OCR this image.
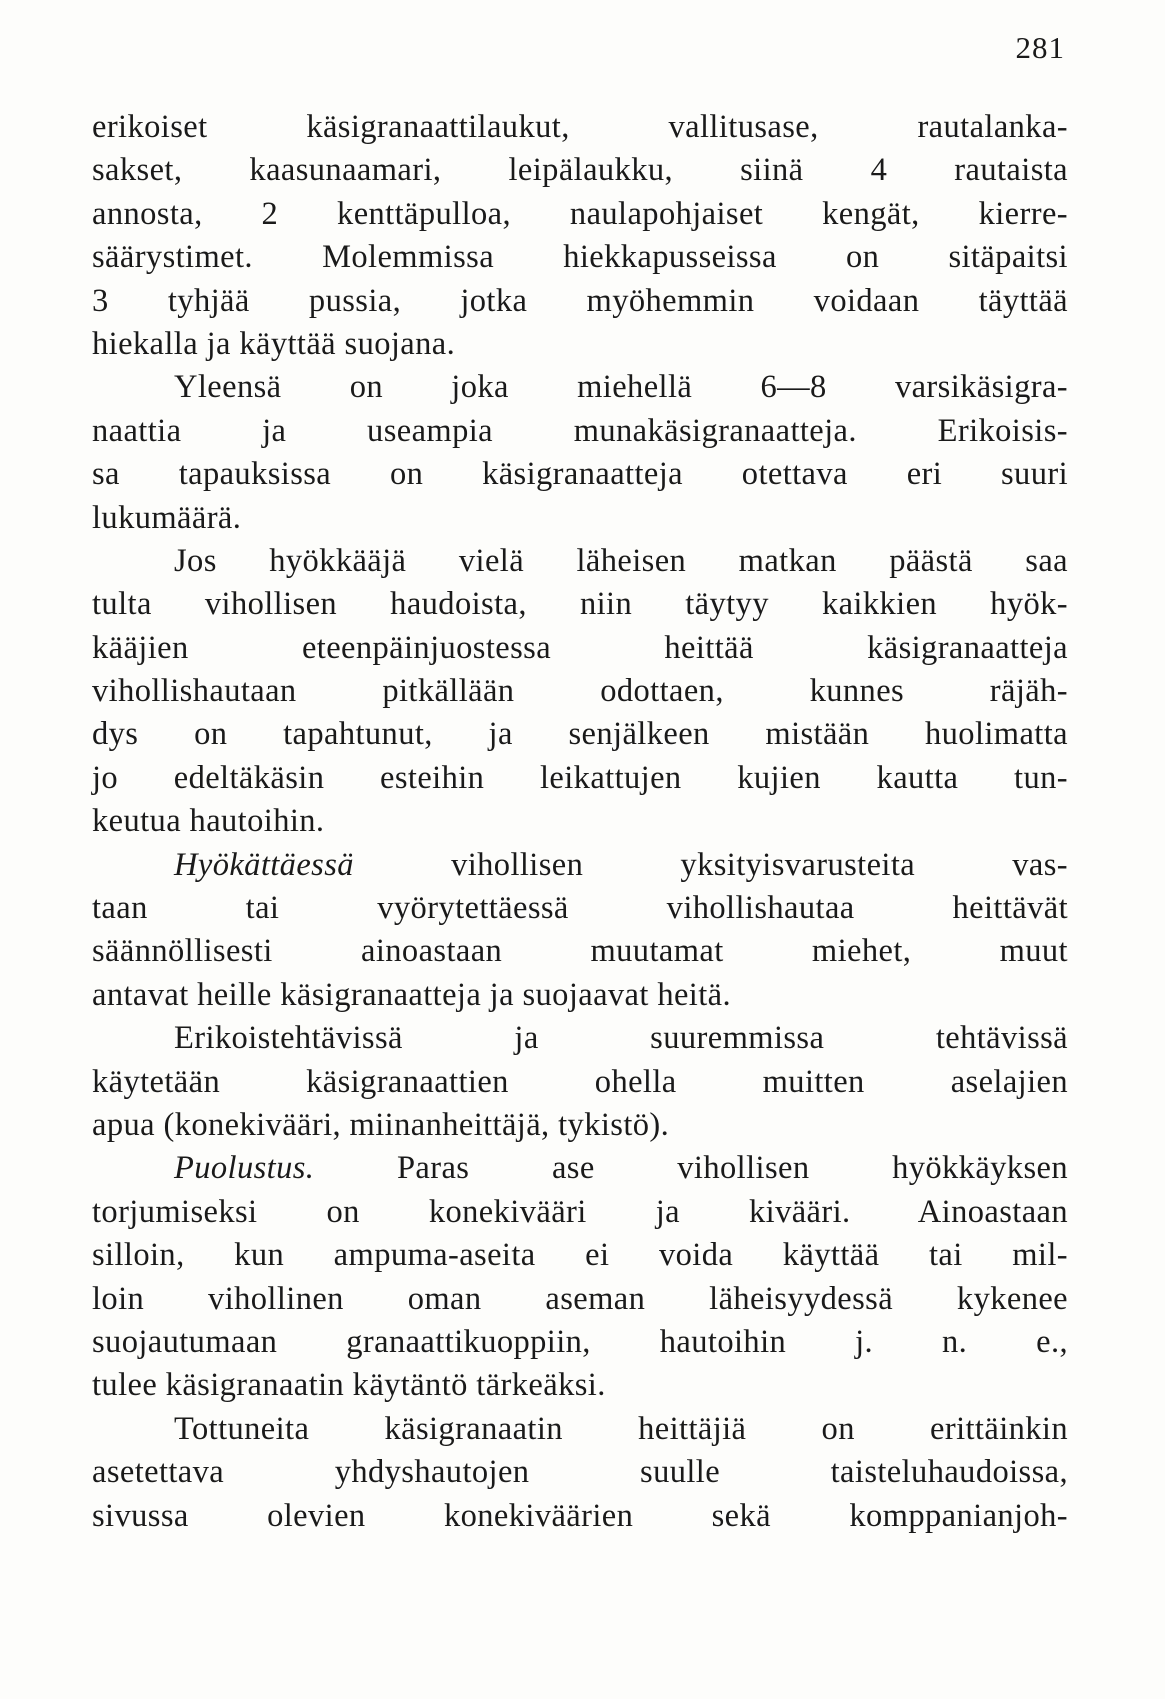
281
erikoiset käsigranaattilaukut, vallitusase, rautalanka-
sakset, kaasunaamari, leipälaukku, siinä 4 rautaista
annosta, 2 kenttäpulloa, naulapohjaiset kengät, kierre-
säärystimet. Molemmissa hiekkapusseissa on sitäpaitsi
3 tyhjää pussia, jotka myöhemmin voidaan täyttää
hiekalla ja käyttää suojana.
Yleensä on joka miehellä 6—8 varsikäsigra-
naattia ja useampia munakäsigranaatteja. Erikoisis-
sa tapauksissa on käsigranaatteja otettava eri suuri
lukumäärä.
Jos hyökkääjä vielä läheisen matkan päästä saa
tulta vihollisen haudoista, niin täytyy kaikkien hyök-
kääjien eteenpäinjuostessa heittää käsigranaatteja
vihollishautaan pitkällään odottaen, kunnes räjäh-
dys on tapahtunut, ja senjälkeen mistään huolimatta
jo edeltäkäsin esteihin leikattujen kujien kautta tun-
keutua hautoihin.
Hyökättäessä vihollisen yksityisvarusteita vas-
taan tai vyörytettäessä vihollishautaa heittävät
säännöllisesti ainoastaan muutamat miehet, muut
antavat heille käsigranaatteja ja suojaavat heitä.
Erikoistehtävissä ja suuremmissa tehtävissä
käytetään käsigranaattien ohella muitten aselajien
apua (konekivääri, miinanheittäjä, tykistö).
Puolustus. Paras ase vihollisen hyökkäyksen
torjumiseksi on konekivääri ja kivääri. Ainoastaan
silloin, kun ampuma-aseita ei voida käyttää tai mil-
loin vihollinen oman aseman läheisyydessä kykenee
suojautumaan granaattikuoppiin, hautoihin j. n. e.,
tulee käsigranaatin käytäntö tärkeäksi.
Tottuneita käsigranaatin heittäjiä on erittäinkin
asetettava yhdyshautojen suulle taisteluhaudoissa,
sivussa olevien konekiväärien sekä komppanianjoh-
